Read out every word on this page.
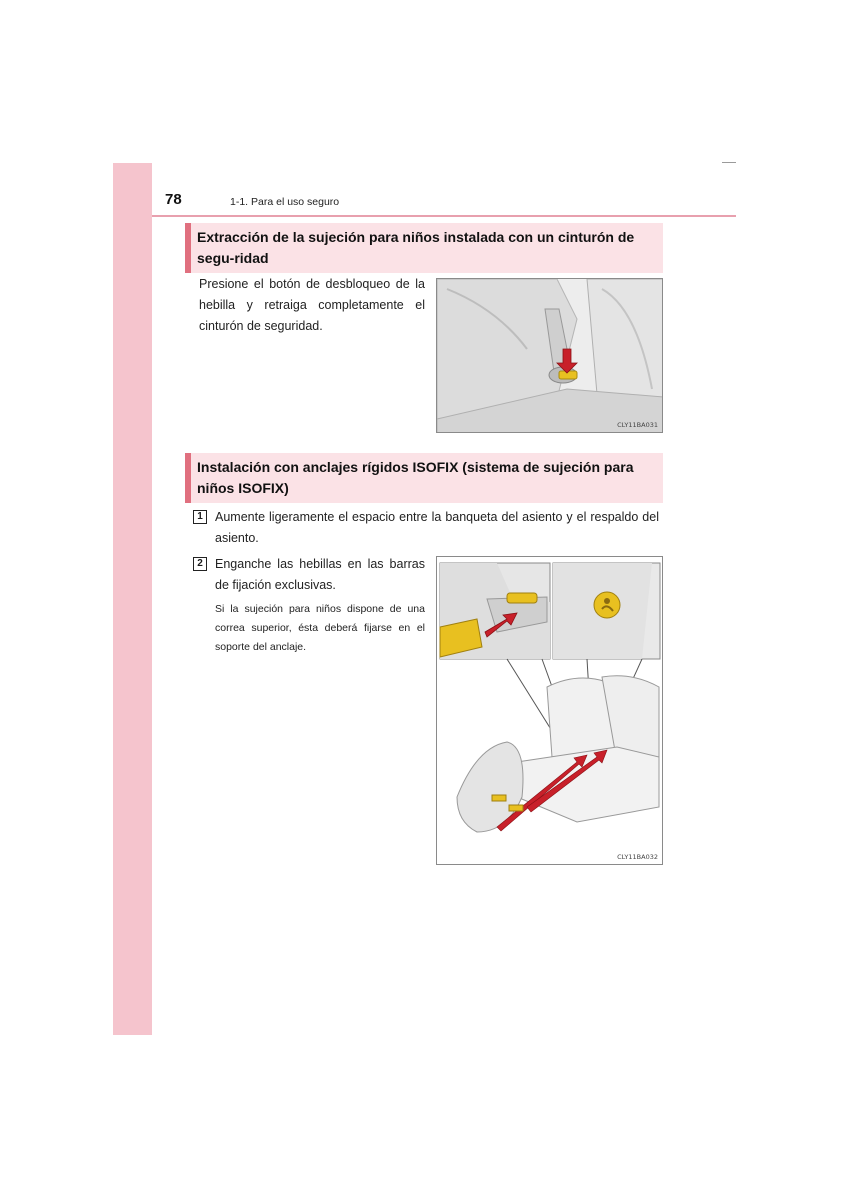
78	1-1. Para el uso seguro
Extracción de la sujeción para niños instalada con un cinturón de segu-ridad
Presione el botón de desbloqueo de la hebilla y retraiga completamente el cinturón de seguridad.
CLY11BA031
Instalación con anclajes rígidos ISOFIX (sistema de sujeción para niños ISOFIX)
1 Aumente ligeramente el espacio entre la banqueta del asiento y el respaldo del asiento.
2 Enganche las hebillas en las barras de fijación exclusivas.
Si la sujeción para niños dispone de una correa superior, ésta deberá fijarse en el soporte del anclaje.
CLY11BA032
